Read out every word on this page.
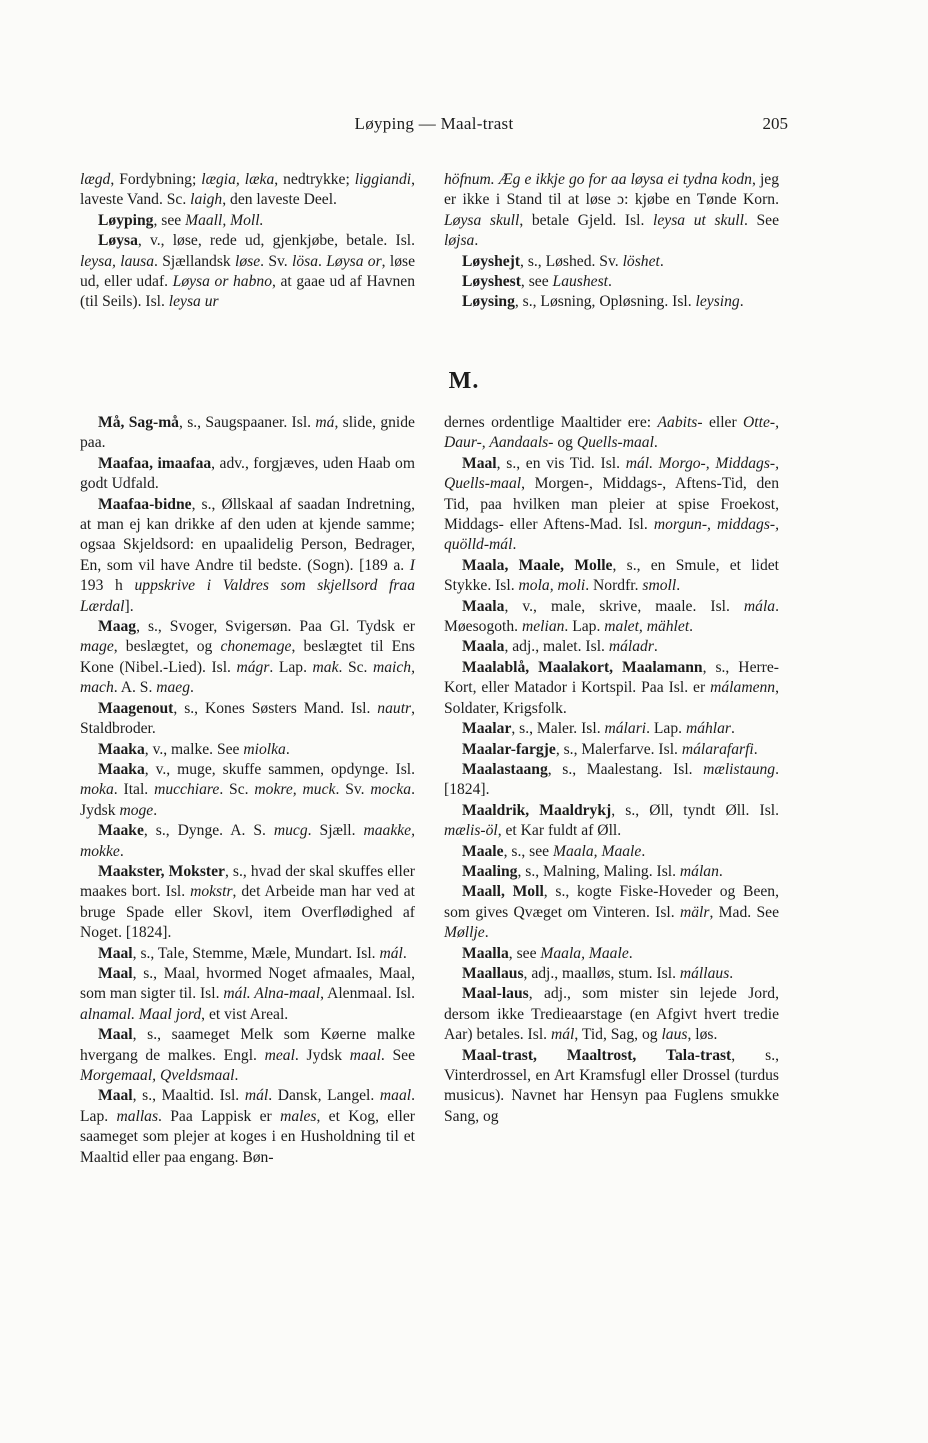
Løyping — Maal-trast	205

lægd, Fordybning; lægia, læka, nedtrykke; liggiandi, laveste Vand. Sc. laigh, den laveste Deel.

Løyping, see Maall, Moll.

Løysa, v., løse, rede ud, gjenkjøbe, betale. Isl. leysa, lausa. Sjællandsk løse. Sv. lösa. Løysa or, løse ud, eller udaf. Løysa or habno, at gaae ud af Havnen (til Seils). Isl. leysa ur

höfnum. Æg e ikkje go for aa løysa ei tydna kodn, jeg er ikke i Stand til at løse ɔ: kjøbe en Tønde Korn. Løysa skull, betale Gjeld. Isl. leysa ut skull. See løjsa.

Løyshejt, s., Løshed. Sv. löshet.

Løyshest, see Laushest.

Løysing, s., Løsning, Opløsning. Isl. leysing.

M.

Må, Sag-må, s., Saugspaaner. Isl. má, slide, gnide paa.

Maafaa, imaafaa, adv., forgjæves, uden Haab om godt Udfald.

Maafaa-bidne, s., Øllskaal af saadan Indretning, at man ej kan drikke af den uden at kjende samme; ogsaa Skjeldsord: en upaalidelig Person, Bedrager, En, som vil have Andre til bedste. (Sogn). [189 a. I 193 h uppskrive i Valdres som skjellsord fraa Lærdal].

Maag, s., Svoger, Svigersøn. Paa Gl. Tydsk er mage, beslægtet, og chonemage, beslægtet til Ens Kone (Nibel.-Lied). Isl. mágr. Lap. mak. Sc. maich, mach. A. S. maeg.

Maagenout, s., Kones Søsters Mand. Isl. nautr, Staldbroder.

Maaka, v., malke. See miolka.

Maaka, v., muge, skuffe sammen, opdynge. Isl. moka. Ital. mucchiare. Sc. mokre, muck. Sv. mocka. Jydsk moge.

Maake, s., Dynge. A. S. mucg. Sjæll. maakke, mokke.

Maakster, Mokster, s., hvad der skal skuffes eller maakes bort. Isl. mokstr, det Arbeide man har ved at bruge Spade eller Skovl, item Overflødighed af Noget. [1824].

Maal, s., Tale, Stemme, Mæle, Mundart. Isl. mál.

Maal, s., Maal, hvormed Noget afmaales, Maal, som man sigter til. Isl. mál. Alna-maal, Alenmaal. Isl. alnamal. Maal jord, et vist Areal.

Maal, s., saameget Melk som Køerne malke hvergang de malkes. Engl. meal. Jydsk maal. See Morgemaal, Qveldsmaal.

Maal, s., Maaltid. Isl. mál. Dansk, Langel. maal. Lap. mallas. Paa Lappisk er males, et Kog, eller saameget som plejer at koges i en Husholdning til et Maaltid eller paa engang. Bøn-

dernes ordentlige Maaltider ere: Aabits- eller Otte-, Daur-, Aandaals- og Quells-maal.

Maal, s., en vis Tid. Isl. mál. Morgo-, Middags-, Quells-maal, Morgen-, Middags-, Aftens-Tid, den Tid, paa hvilken man pleier at spise Froekost, Middags- eller Aftens-Mad. Isl. morgun-, middags-, quölld-mál.

Maala, Maale, Molle, s., en Smule, et lidet Stykke. Isl. mola, moli. Nordfr. smoll.

Maala, v., male, skrive, maale. Isl. mála. Møesogoth. melian. Lap. malet, mählet.

Maala, adj., malet. Isl. máladr.

Maalablå, Maalakort, Maalamann, s., Herre-Kort, eller Matador i Kortspil. Paa Isl. er málamenn, Soldater, Krigsfolk.

Maalar, s., Maler. Isl. málari. Lap. máhlar.

Maalar-fargje, s., Malerfarve. Isl. málarafarfi.

Maalastaang, s., Maalestang. Isl. mælistaung. [1824].

Maaldrik, Maaldrykj, s., Øll, tyndt Øll. Isl. mælis-öl, et Kar fuldt af Øll.

Maale, s., see Maala, Maale.

Maaling, s., Malning, Maling. Isl. málan.

Maall, Moll, s., kogte Fiske-Hoveder og Been, som gives Qvæget om Vinteren. Isl. mälr, Mad. See Møllje.

Maalla, see Maala, Maale.

Maallaus, adj., maalløs, stum. Isl. mállaus.

Maal-laus, adj., som mister sin lejede Jord, dersom ikke Tredieaarstage (en Afgivt hvert tredie Aar) betales. Isl. mál, Tid, Sag, og laus, løs.

Maal-trast, Maaltrost, Tala-trast, s., Vinterdrossel, en Art Kramsfugl eller Drossel (turdus musicus). Navnet har Hensyn paa Fuglens smukke Sang, og
